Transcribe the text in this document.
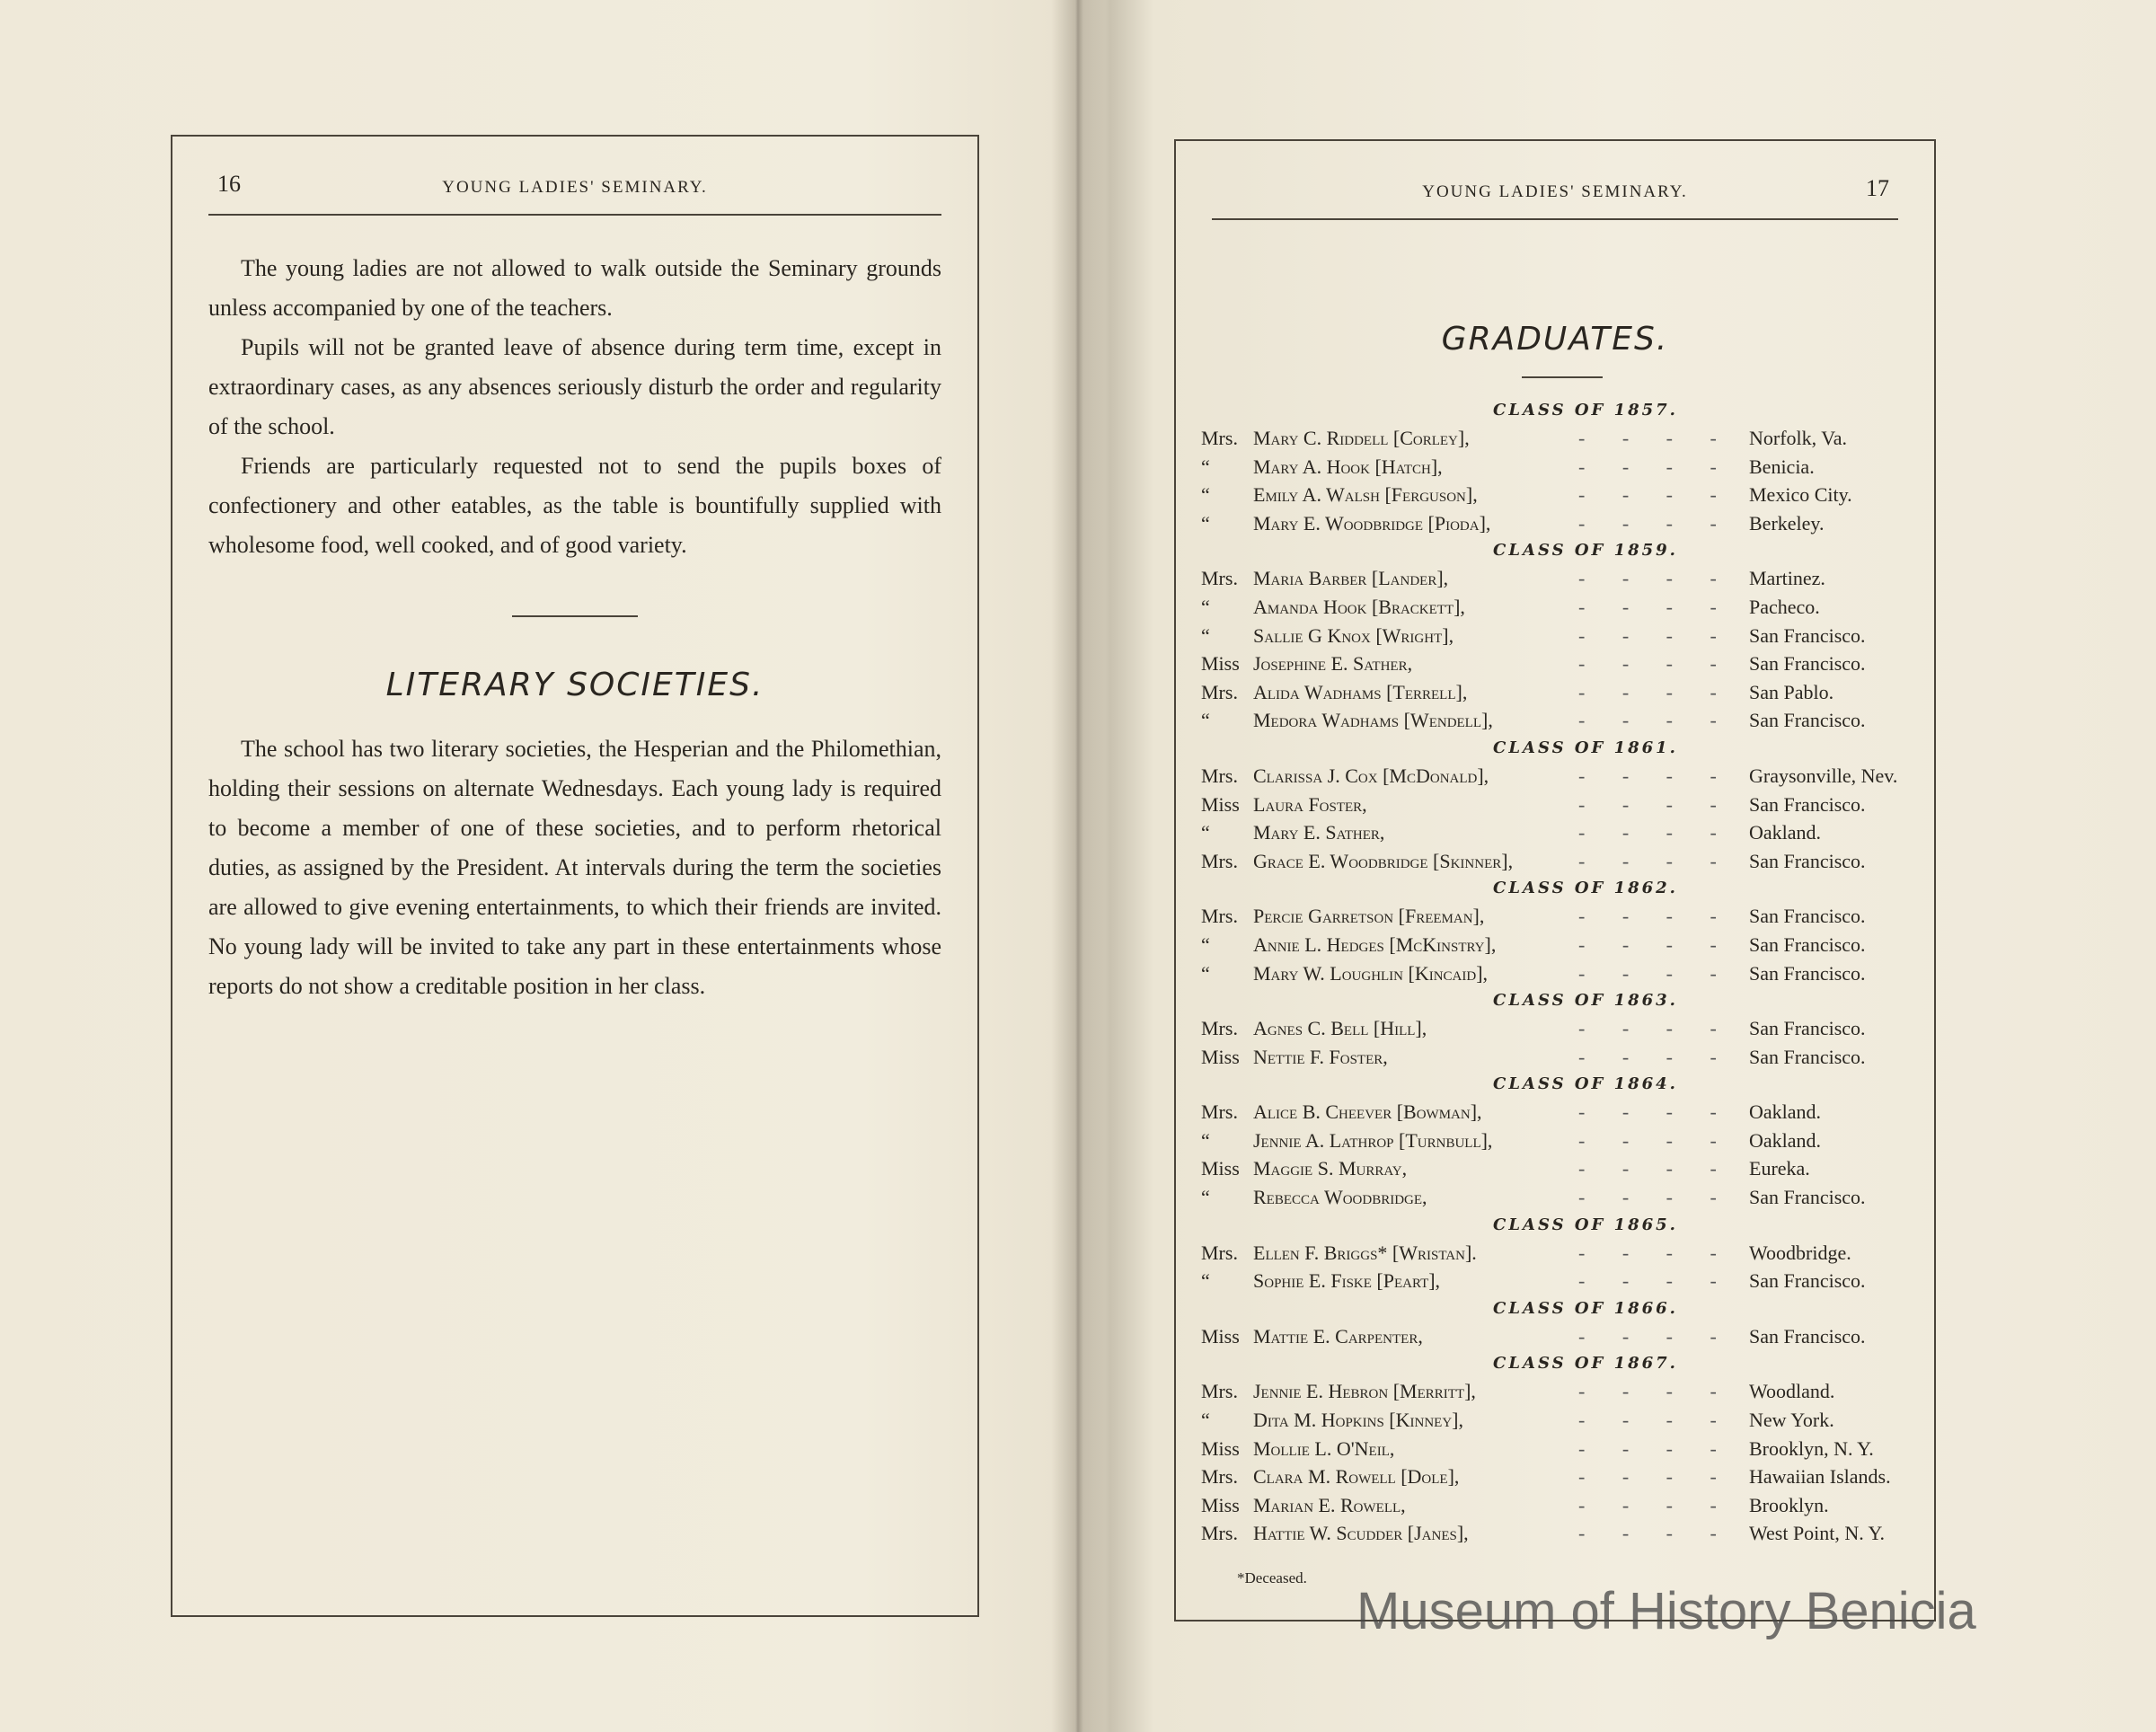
16	YOUNG LADIES' SEMINARY.

The young ladies are not allowed to walk outside the Seminary grounds unless accompanied by one of the teachers.

Pupils will not be granted leave of absence during term time, except in extraordinary cases, as any absences seriously disturb the order and regularity of the school.

Friends are particularly requested not to send the pupils boxes of confectionery and other eatables, as the table is bountifully supplied with wholesome food, well cooked, and of good variety.

LITERARY SOCIETIES.

The school has two literary societies, the Hesperian and the Philomethian, holding their sessions on alternate Wednesdays. Each young lady is required to become a member of one of these societies, and to perform rhetorical duties, as assigned by the President. At intervals during the term the societies are allowed to give evening entertainments, to which their friends are invited. No young lady will be invited to take any part in these entertainments whose reports do not show a creditable position in her class.

YOUNG LADIES' SEMINARY.	17
GRADUATES.
CLASS OF 1857.
Mrs. Mary C. Riddell [Corley],	- - - - Norfolk, Va.
“	Mary A. Hook [Hatch],	- - - - Benicia.
“	Emily A. Walsh [Ferguson],	- - - - Mexico City.
“	Mary E. Woodbridge [Pioda],	- - - - Berkeley.
CLASS OF 1859.
Mrs. Maria Barber [Lander],	- - - - Martinez.
“	Amanda Hook [Brackett],	- - - - Pacheco.
“	Sallie G Knox [Wright],	- - - - San Francisco.
Miss Josephine E. Sather,	- - - - San Francisco.
Mrs. Alida Wadhams [Terrell],	- - - - San Pablo.
“	Medora Wadhams [Wendell],	- - - - San Francisco.
CLASS OF 1861.
Mrs. Clarissa J. Cox [McDonald],	- - - - Graysonville, Nev.
Miss Laura Foster,	- - - - San Francisco.
“	Mary E. Sather,	- - - - Oakland.
Mrs. Grace E. Woodbridge [Skinner],	- - - - San Francisco.
CLASS OF 1862.
Mrs. Percie Garretson [Freeman],	- - - - San Francisco.
“	Annie L. Hedges [McKinstry],	- - - - San Francisco.
“	Mary W. Loughlin [Kincaid],	- - - - San Francisco.
CLASS OF 1863.
Mrs. Agnes C. Bell [Hill],	- - - - San Francisco.
Miss Nettie F. Foster,	- - - - San Francisco.
CLASS OF 1864.
Mrs. Alice B. Cheever [Bowman],	- - - - Oakland.
“	Jennie A. Lathrop [Turnbull],	- - - - Oakland.
Miss Maggie S. Murray,	- - - - Eureka.
“	Rebecca Woodbridge,	- - - - San Francisco.
CLASS OF 1865.
Mrs. Ellen F. Briggs* [Wristan].	- - - - Woodbridge.
“	Sophie E. Fiske [Peart],	- - - - San Francisco.
CLASS OF 1866.
Miss Mattie E. Carpenter,	- - - - San Francisco.
CLASS OF 1867.
Mrs. Jennie E. Hebron [Merritt],	- - - - Woodland.
“	Dita M. Hopkins [Kinney],	- - - - New York.
Miss Mollie L. O'Neil,	- - - - Brooklyn, N. Y.
Mrs. Clara M. Rowell [Dole],	- - - - Hawaiian Islands.
Miss Marian E. Rowell,	- - - - Brooklyn.
Mrs. Hattie W. Scudder [Janes],	- - - - West Point, N. Y.
*Deceased.
Museum of History Benicia
